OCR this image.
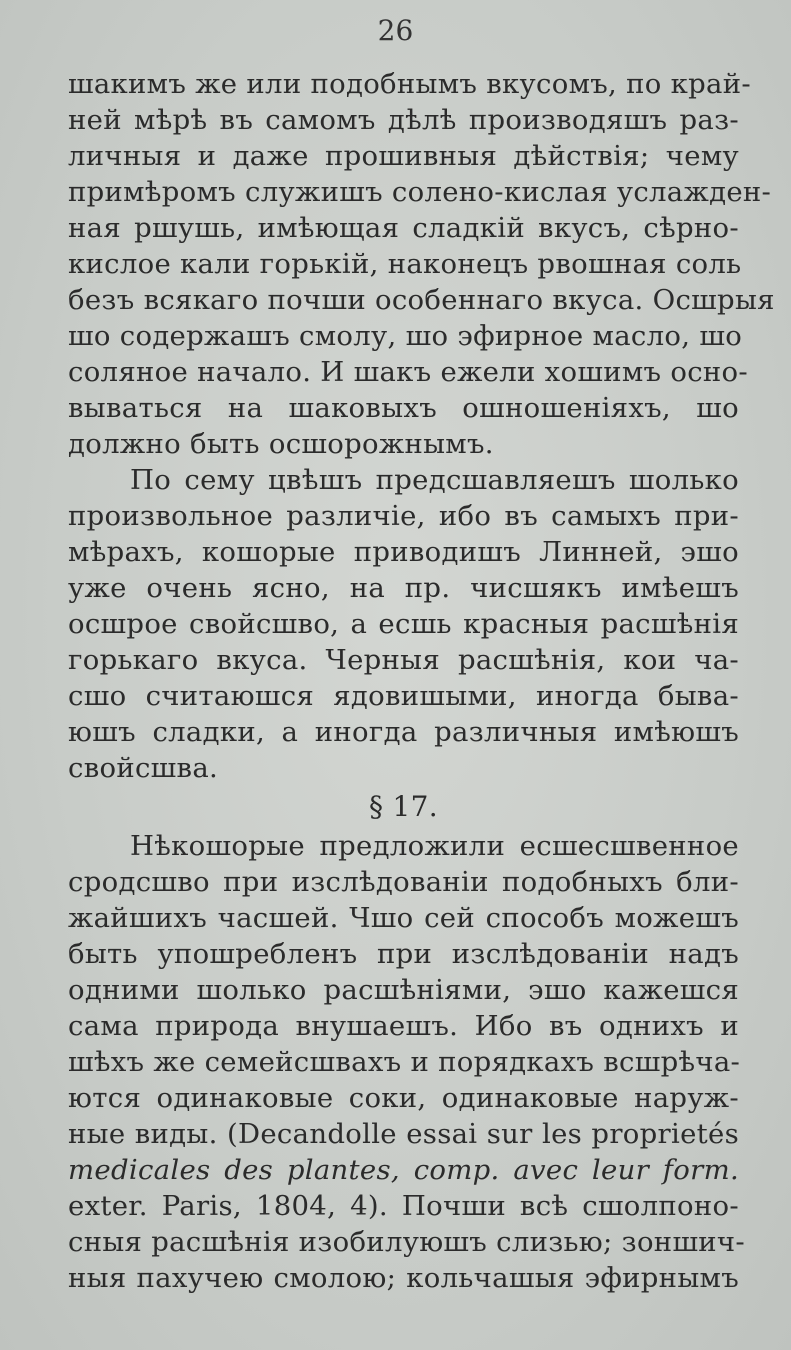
26
шакимъ же или подобнымъ вкусомъ, по край-
ней мѣрѣ въ самомъ дѣлѣ производяшъ раз-
личныя и даже прошивныя дѣйствія; чему
примѣромъ служишъ солено-кислая услажден-
ная ршушь, имѣющая сладкій вкусъ, сѣрно-
кислое кали горькій, наконецъ рвошная соль
безъ всякаго почши особеннаго вкуса. Осшрыя
шо содержашъ смолу, шо эфирное масло, шо
соляное начало. И шакъ ежели хошимъ осно-
вываться на шаковыхъ ошношеніяхъ, шо
должно быть осшорожнымъ.
По сему цвѣшъ предсшавляешъ шолько
произвольное различіе, ибо въ самыхъ при-
мѣрахъ, кошорые приводишъ Линней, эшо
уже очень ясно, на пр. чисшякъ имѣешъ
осшрое свойсшво, а есшь красныя расшѣнія
горькаго вкуса. Черныя расшѣнія, кои ча-
сшо считаюшся ядовишыми, иногда быва-
юшъ сладки, а иногда различныя имѣюшъ
свойсшва.
§ 17.
Нѣкошорые предложили есшесшвенное
сродсшво при изслѣдованіи подобныхъ бли-
жайшихъ часшей. Чшо сей способъ можешъ
быть упошребленъ при изслѣдованіи надъ
одними шолько расшѣніями, эшо кажешся
сама природа внушаешъ. Ибо въ однихъ и
шѣхъ же семейсшвахъ и порядкахъ всшрѣча-
ются одинаковые соки, одинаковые наруж-
ные виды. (Decandolle essai sur les proprietés
medicales des plantes, comp. avec leur form.
exter. Paris, 1804, 4). Почши всѣ сшолпоно-
сныя расшѣнія изобилуюшъ слизью; зоншич-
ныя пахучею смолою; кольчашыя эфирнымъ
